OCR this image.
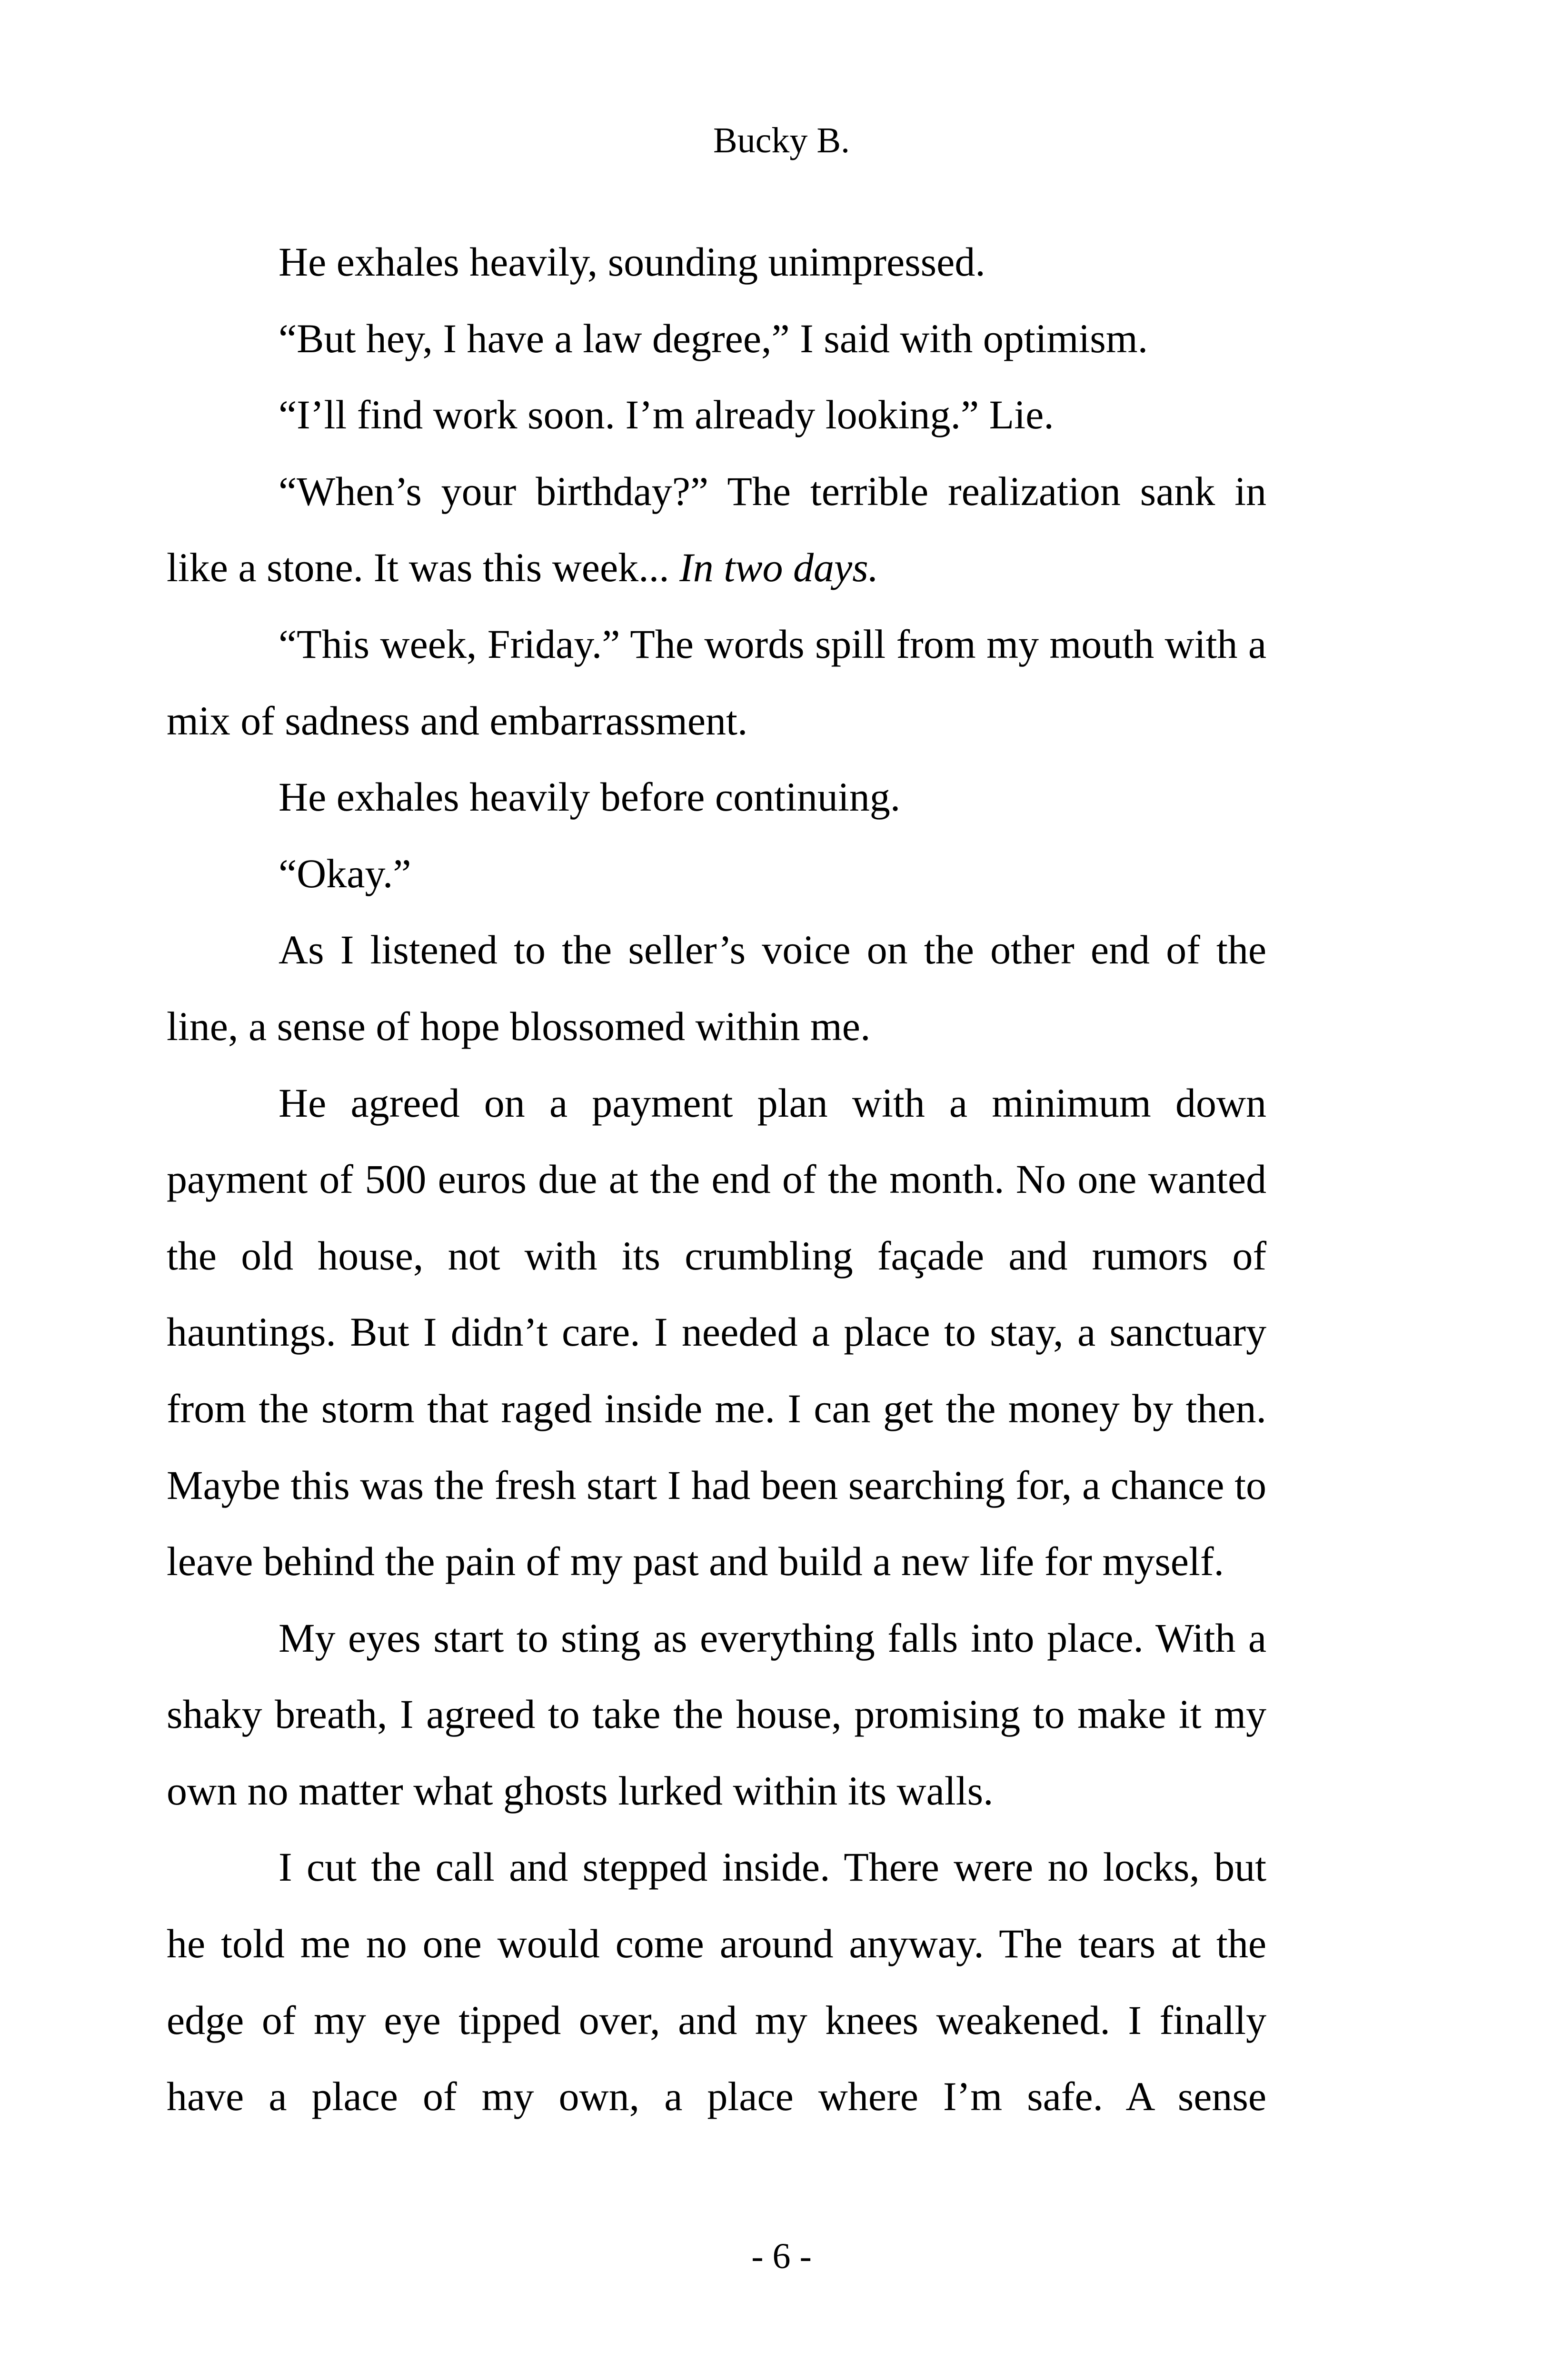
Bucky B.

He exhales heavily, sounding unimpressed.

“But hey, I have a law degree,” I said with optimism.

“I’ll find work soon. I’m already looking.” Lie.

“When’s your birthday?” The terrible realization sank in like a stone. It was this week... In two days.

“This week, Friday.” The words spill from my mouth with a mix of sadness and embarrassment.

He exhales heavily before continuing.

“Okay.”

As I listened to the seller’s voice on the other end of the line, a sense of hope blossomed within me.

He agreed on a payment plan with a minimum down payment of 500 euros due at the end of the month. No one wanted the old house, not with its crumbling façade and rumors of hauntings. But I didn’t care. I needed a place to stay, a sanctuary from the storm that raged inside me. I can get the money by then. Maybe this was the fresh start I had been searching for, a chance to leave behind the pain of my past and build a new life for myself.

My eyes start to sting as everything falls into place. With a shaky breath, I agreed to take the house, promising to make it my own no matter what ghosts lurked within its walls.

I cut the call and stepped inside. There were no locks, but he told me no one would come around anyway. The tears at the edge of my eye tipped over, and my knees weakened. I finally have a place of my own, a place where I’m safe. A sense

- 6 -
